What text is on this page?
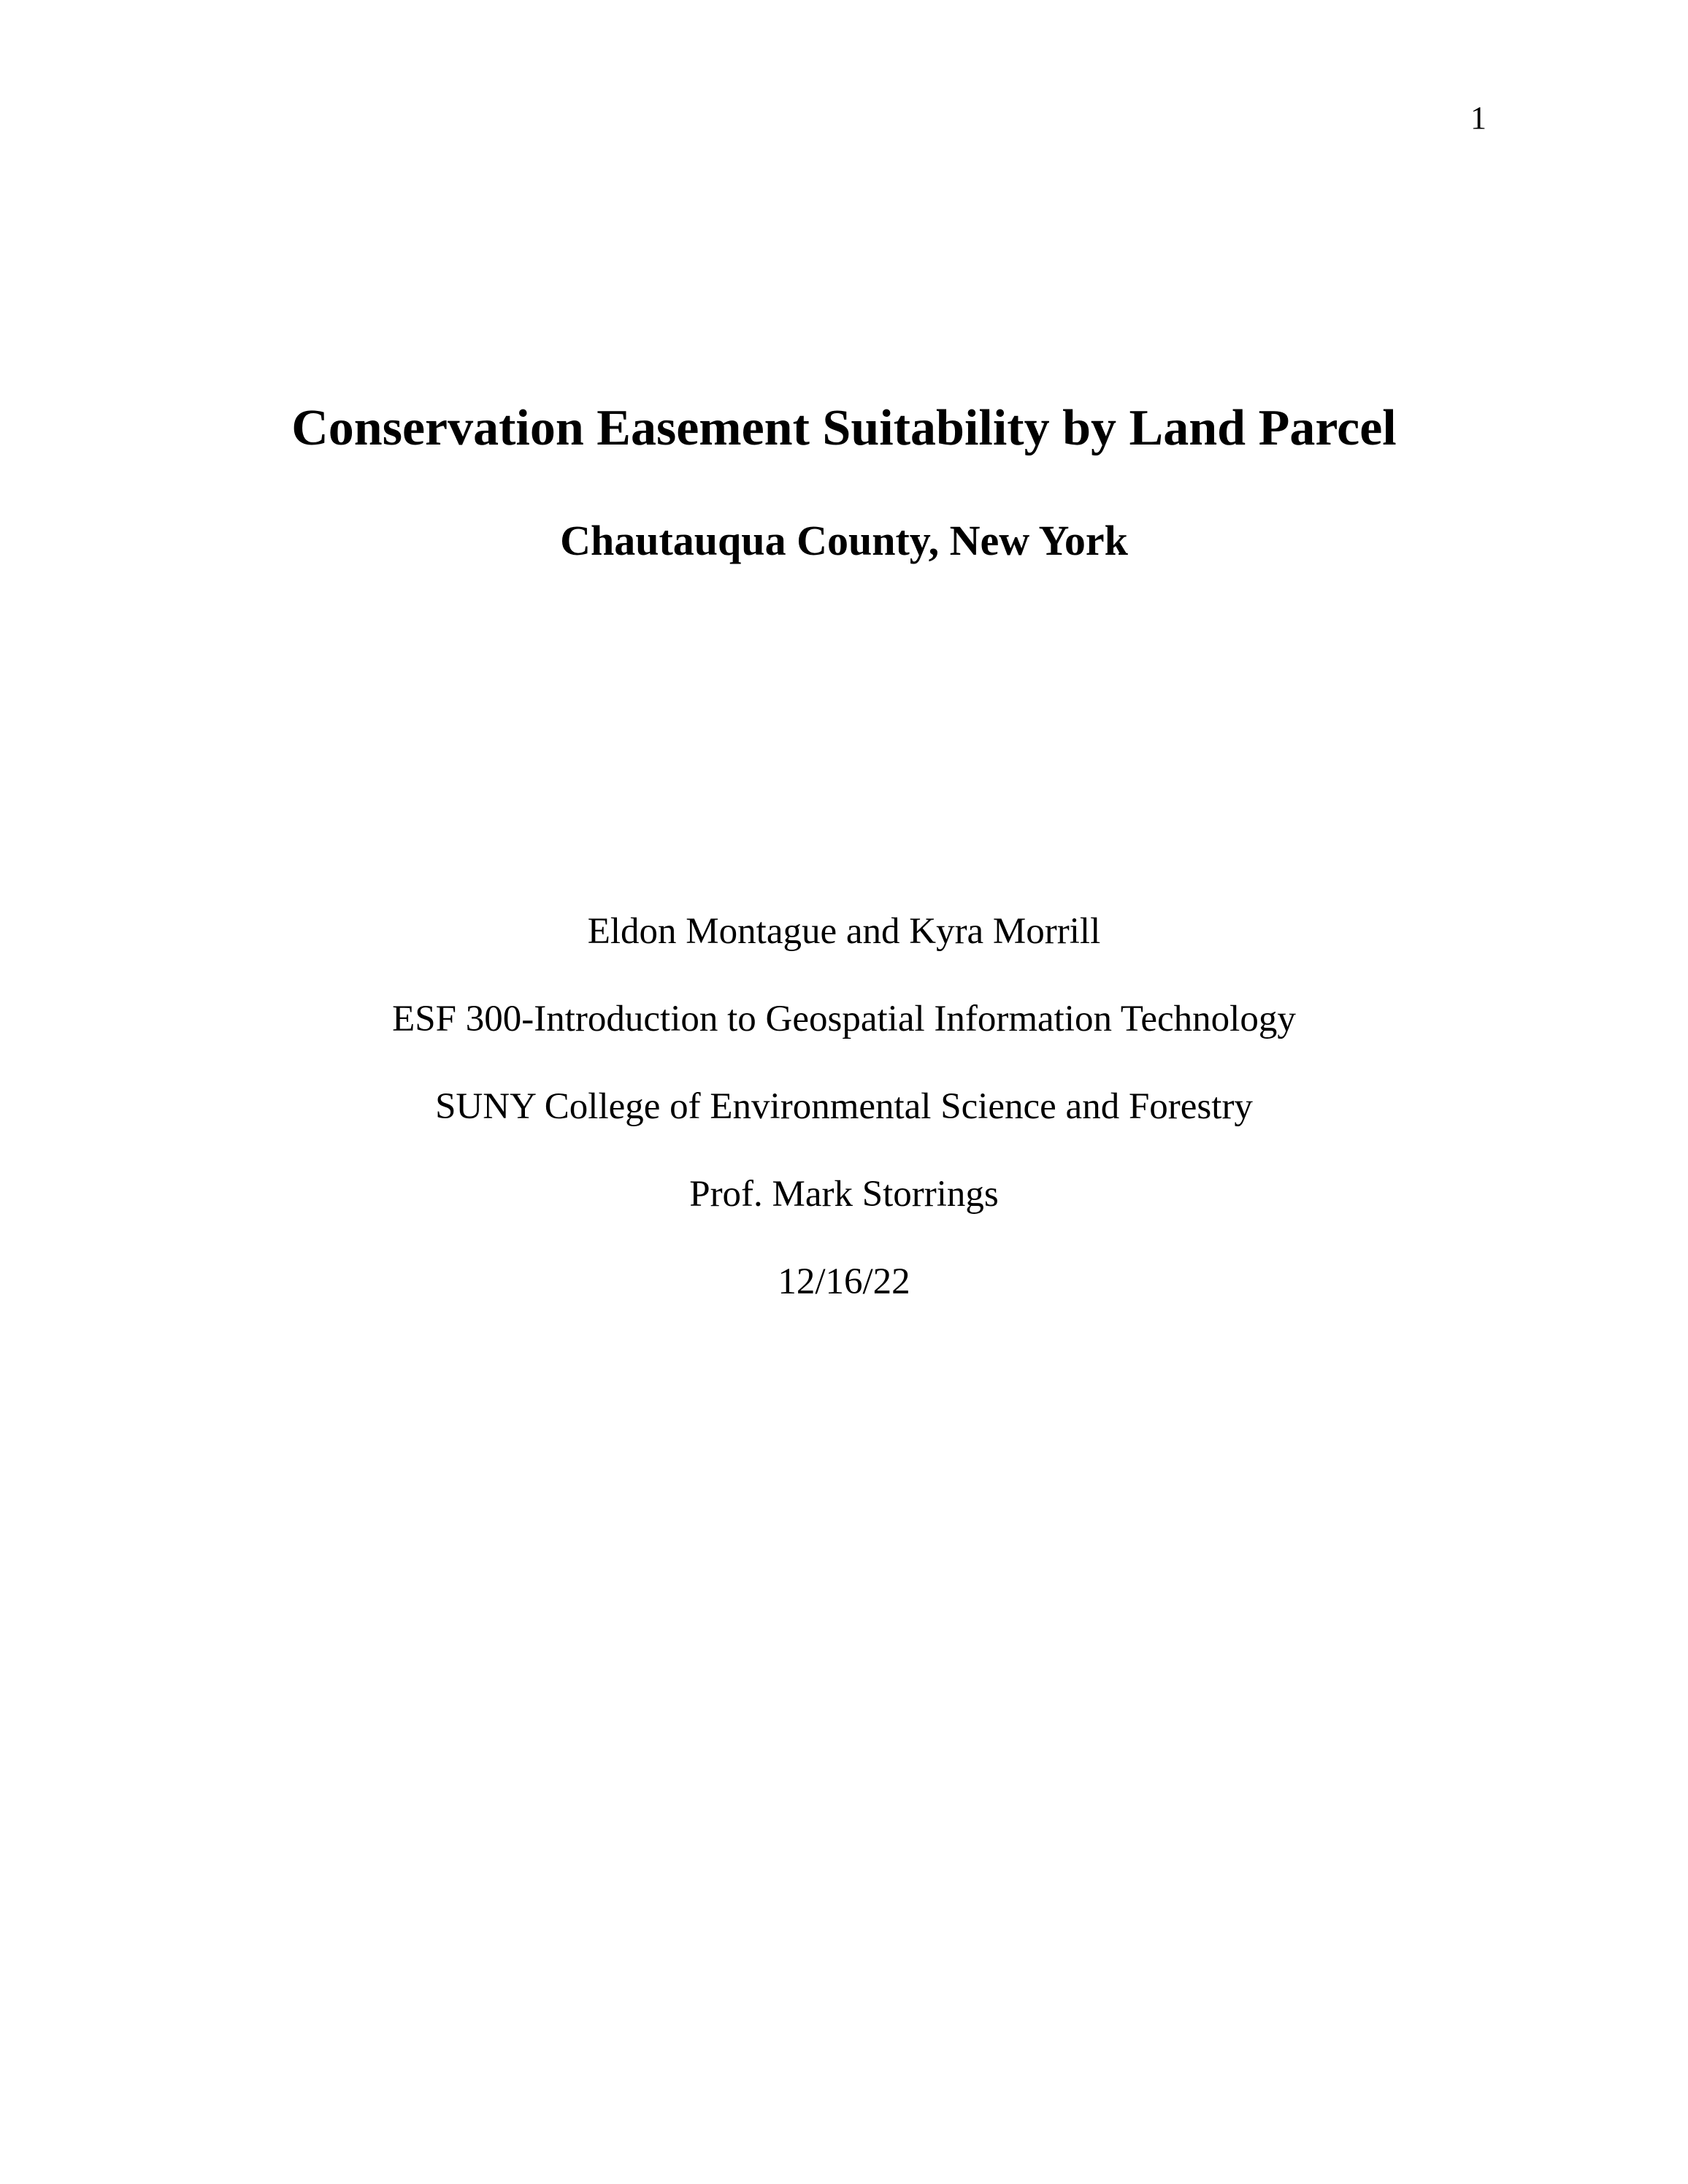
1
Conservation Easement Suitability by Land Parcel
Chautauqua County, New York
Eldon Montague and Kyra Morrill
ESF 300-Introduction to Geospatial Information Technology
SUNY College of Environmental Science and Forestry
Prof. Mark Storrings
12/16/22
